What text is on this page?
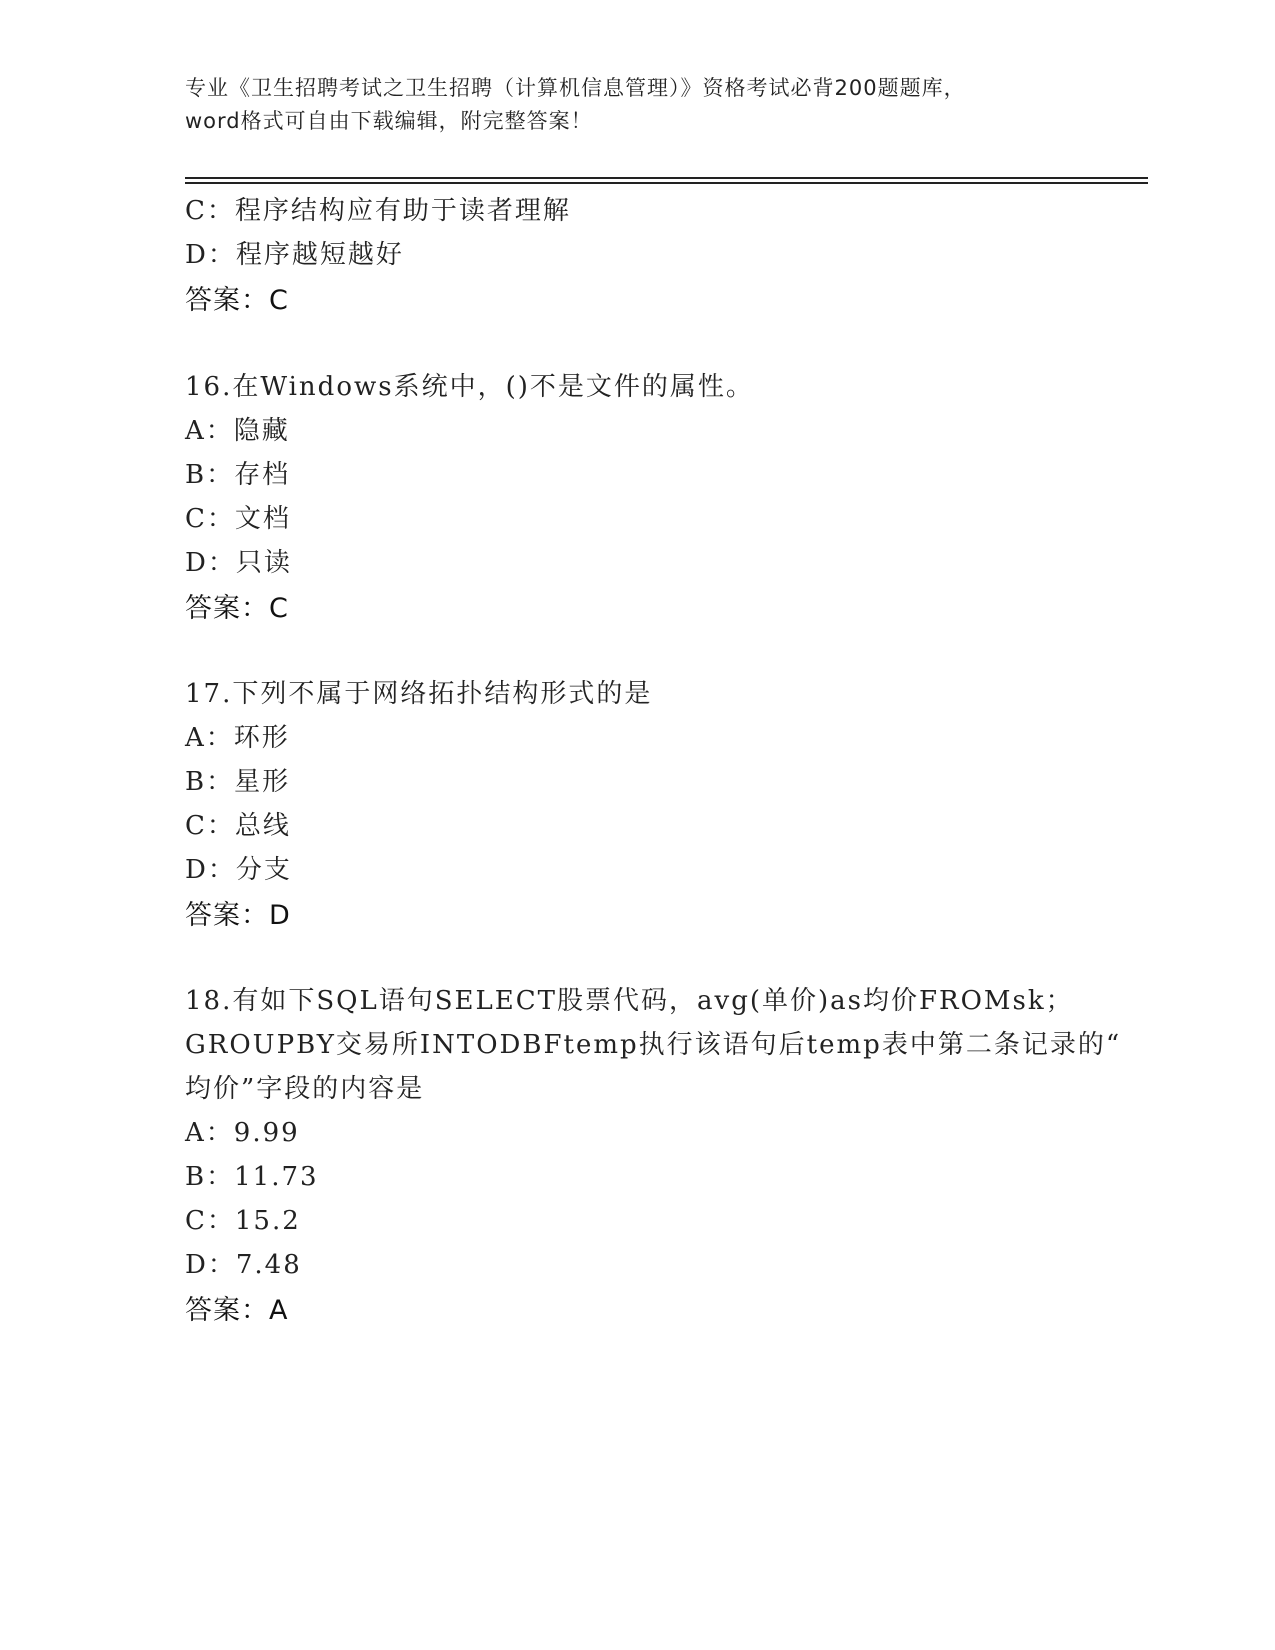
专业《卫生招聘考试之卫生招聘（计算机信息管理）》资格考试必背200题题库，
word格式可自由下载编辑，附完整答案！
C：程序结构应有助于读者理解
D：程序越短越好
答案：C
16.在Windows系统中，()不是文件的属性。
A：隐藏
B：存档
C：文档
D：只读
答案：C
17.下列不属于网络拓扑结构形式的是
A：环形
B：星形
C：总线
D：分支
答案：D
18.有如下SQL语句SELECT股票代码，avg(单价)as均价FROMsk；
GROUPBY交易所INTODBFtemp执行该语句后temp表中第二条记录的“
均价”字段的内容是
A：9.99
B：11.73
C：15.2
D：7.48
答案：A
